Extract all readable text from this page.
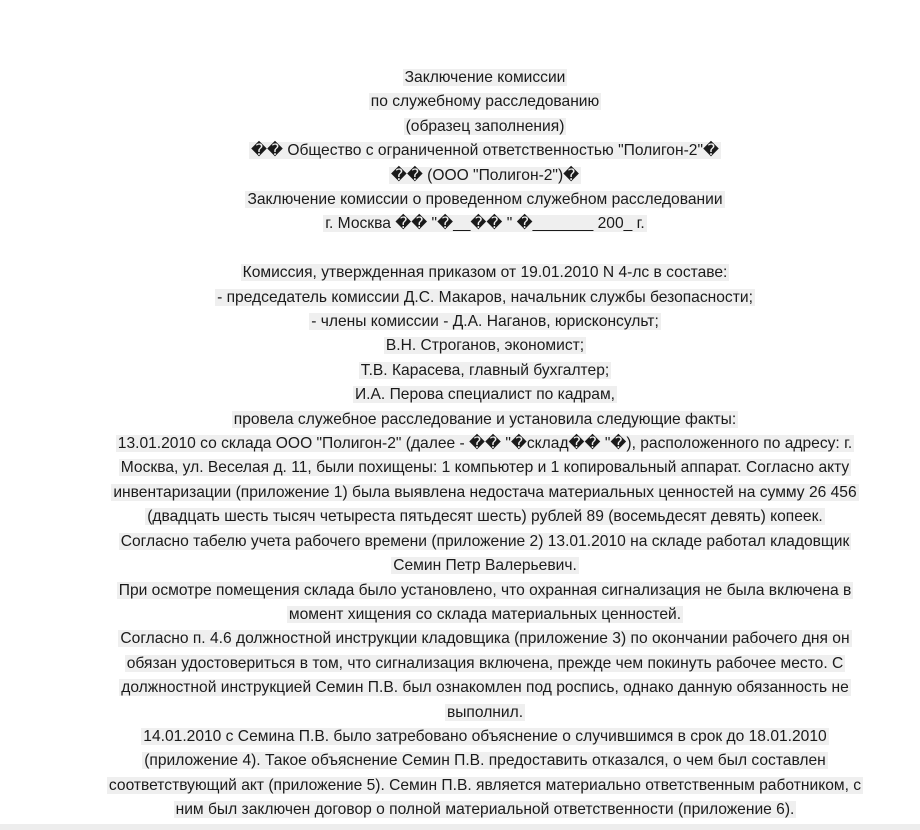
Заключение комиссии
по служебному расследованию
(образец заполнения)
�� Общество с ограниченной ответственностью "Полигон-2"�
�� (ООО "Полигон-2")�
Заключение комиссии о проведенном служебном расследовании
г. Москва �� "�__�� " �_______ 200_ г.
Комиссия, утвержденная приказом от 19.01.2010 N 4-лс в составе:
- председатель комиссии Д.С. Макаров, начальник службы безопасности;
- члены комиссии - Д.А. Наганов, юрисконсульт;
В.Н. Строганов, экономист;
Т.В. Карасева, главный бухгалтер;
И.А. Перова специалист по кадрам,
провела служебное расследование и установила следующие факты:
13.01.2010 со склада ООО "Полигон-2" (далее - �� "�склад�� "�), расположенного по адресу: г.
Москва, ул. Веселая д. 11, были похищены: 1 компьютер и 1 копировальный аппарат. Согласно акту
инвентаризации (приложение 1) была выявлена недостача материальных ценностей на сумму 26 456
(двадцать шесть тысяч четыреста пятьдесят шесть) рублей 89 (восемьдесят девять) копеек.
Согласно табелю учета рабочего времени (приложение 2) 13.01.2010 на складе работал кладовщик
Семин Петр Валерьевич.
При осмотре помещения склада было установлено, что охранная сигнализация не была включена в
момент хищения со склада материальных ценностей.
Согласно п. 4.6 должностной инструкции кладовщика (приложение 3) по окончании рабочего дня он
обязан удостовериться в том, что сигнализация включена, прежде чем покинуть рабочее место. С
должностной инструкцией Семин П.В. был ознакомлен под роспись, однако данную обязанность не
выполнил.
14.01.2010 с Семина П.В. было затребовано объяснение о случившимся в срок до 18.01.2010
(приложение 4). Такое объяснение Семин П.В. предоставить отказался, о чем был составлен
соответствующий акт (приложение 5). Семин П.В. является материально ответственным работником, с
ним был заключен договор о полной материальной ответственности (приложение 6).
